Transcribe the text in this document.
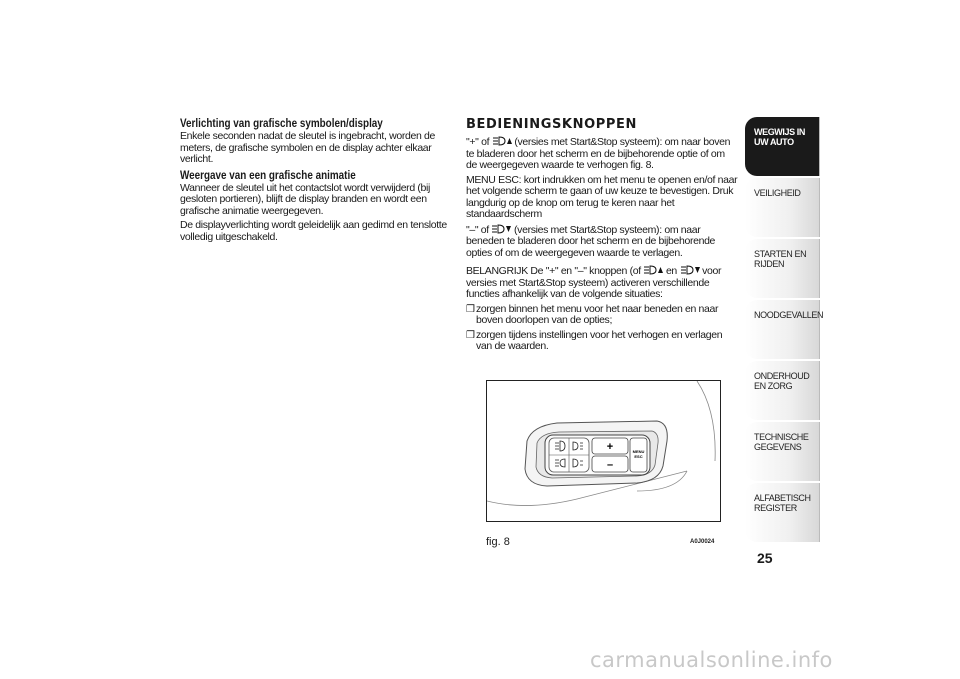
Verlichting van grafische symbolen/display

Enkele seconden nadat de sleutel is ingebracht, worden de meters, de grafische symbolen en de display achter elkaar verlicht.

Weergave van een grafische animatie

Wanneer de sleutel uit het contactslot wordt verwijderd (bij gesloten portieren), blijft de display branden en wordt een grafische animatie weergegeven.

De displayverlichting wordt geleidelijk aan gedimd en tenslotte volledig uitgeschakeld.

BEDIENINGSKNOPPEN

"+" of (versies met Start&Stop systeem): om naar boven te bladeren door het scherm en de bijbehorende optie of om de weergegeven waarde te verhogen fig. 8.

MENU ESC: kort indrukken om het menu te openen en/of naar het volgende scherm te gaan of uw keuze te bevestigen. Druk langdurig op de knop om terug te keren naar het standaardscherm

"–" of (versies met Start&Stop systeem): om naar beneden te bladeren door het scherm en de bijbehorende opties of om de weergegeven waarde te verlagen.

BELANGRIJK De "+" en "–" knoppen (of en voor versies met Start&Stop systeem) activeren verschillende functies afhankelijk van de volgende situaties:

❒ zorgen binnen het menu voor het naar beneden en naar boven doorlopen van de opties;

❒ zorgen tijdens instellingen voor het verhogen en verlagen van de waarden.

+
–
MENU
ESC
fig. 8	A0J0024
WEGWIJS IN UW AUTO
VEILIGHEID
STARTEN EN RIJDEN
NOODGEVALLEN
ONDERHOUD EN ZORG
TECHNISCHE GEGEVENS
ALFABETISCH REGISTER
25
carmanualsonline.info
